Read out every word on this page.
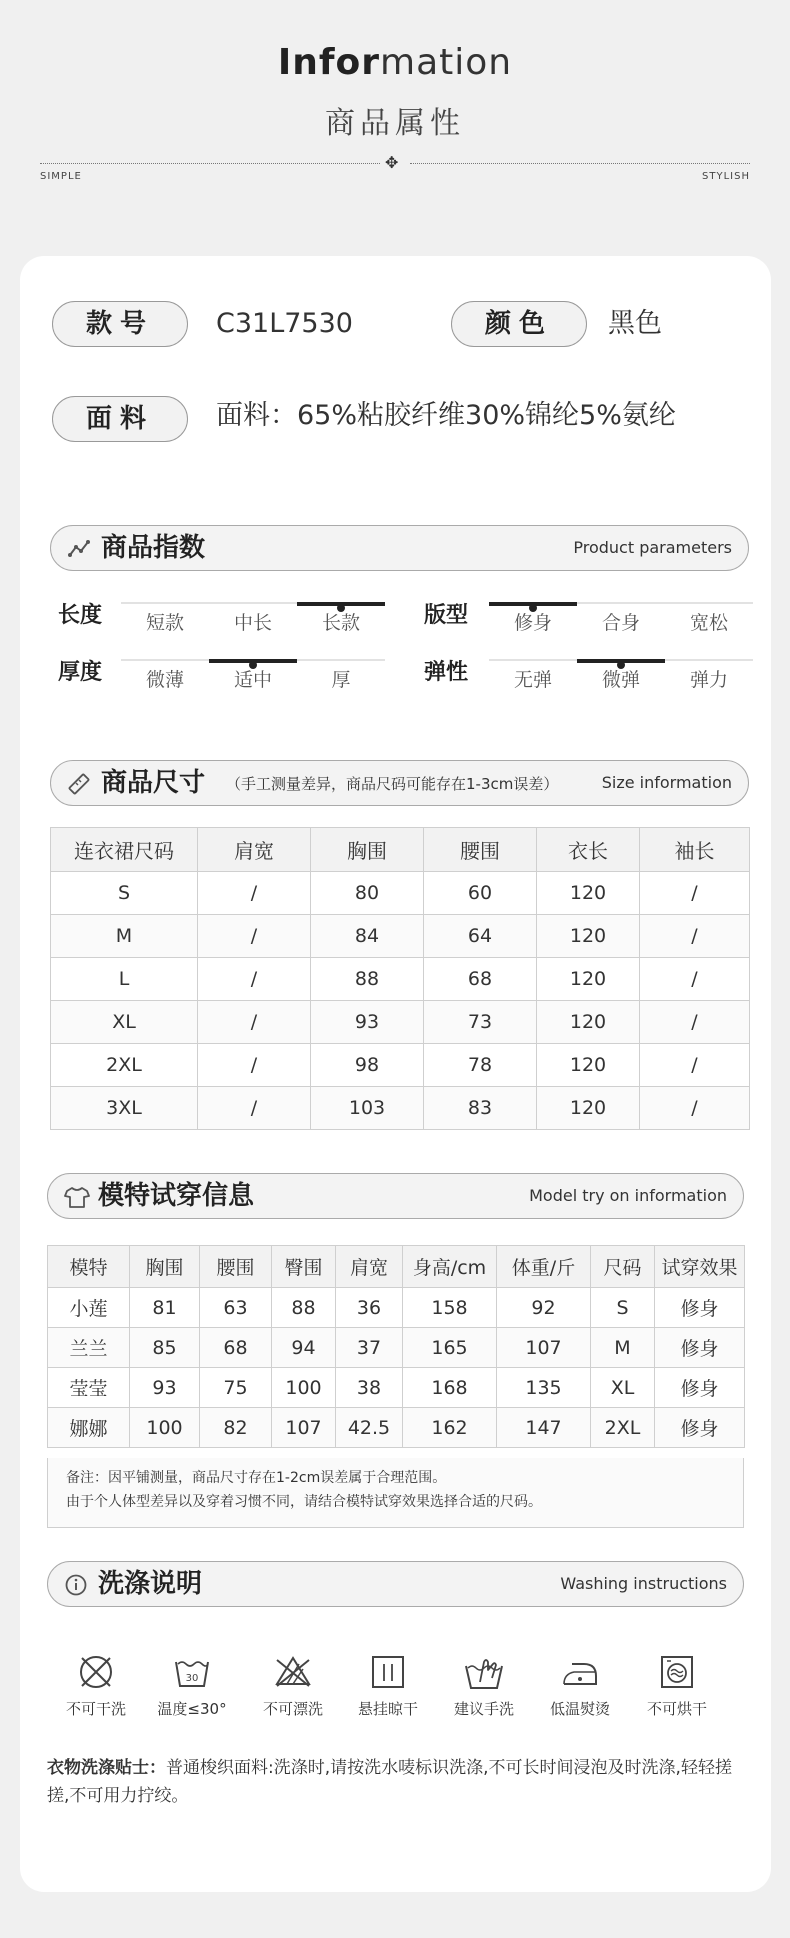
Information
商品属性
✥
SIMPLE	STYLISH
款号	C31L7530	颜色	黑色
面料	面料：65%粘胶纤维30%锦纶5%氨纶
商品指数	Product parameters
长度	短款	中长	长款	版型	修身	合身	宽松
厚度	微薄	适中	厚	弹性	无弹	微弹	弹力
商品尺寸 （手工测量差异，商品尺码可能存在1-3cm误差）	Size information
连衣裙尺码	肩宽	胸围	腰围	衣长	袖长
S	/	80	60	120	/
M	/	84	64	120	/
L	/	88	68	120	/
XL	/	93	73	120	/
2XL	/	98	78	120	/
3XL	/	103	83	120	/
模特试穿信息	Model try on information
模特	胸围	腰围	臀围	肩宽	身高/cm	体重/斤	尺码	试穿效果
小莲	81	63	88	36	158	92	S	修身
兰兰	85	68	94	37	165	107	M	修身
莹莹	93	75	100	38	168	135	XL	修身
娜娜	100	82	107	42.5	162	147	2XL	修身
备注：因平铺测量，商品尺寸存在1-2cm误差属于合理范围。
由于个人体型差异以及穿着习惯不同，请结合模特试穿效果选择合适的尺码。
洗涤说明	Washing instructions
不可干洗
30
温度≤30°	不可漂洗	悬挂晾干	建议手洗	低温熨烫	不可烘干
衣物洗涤贴士：普通梭织面料:洗涤时,请按洗水唛标识洗涤,不可长时间浸泡及时洗涤,轻轻搓搓,不可用力拧绞。
